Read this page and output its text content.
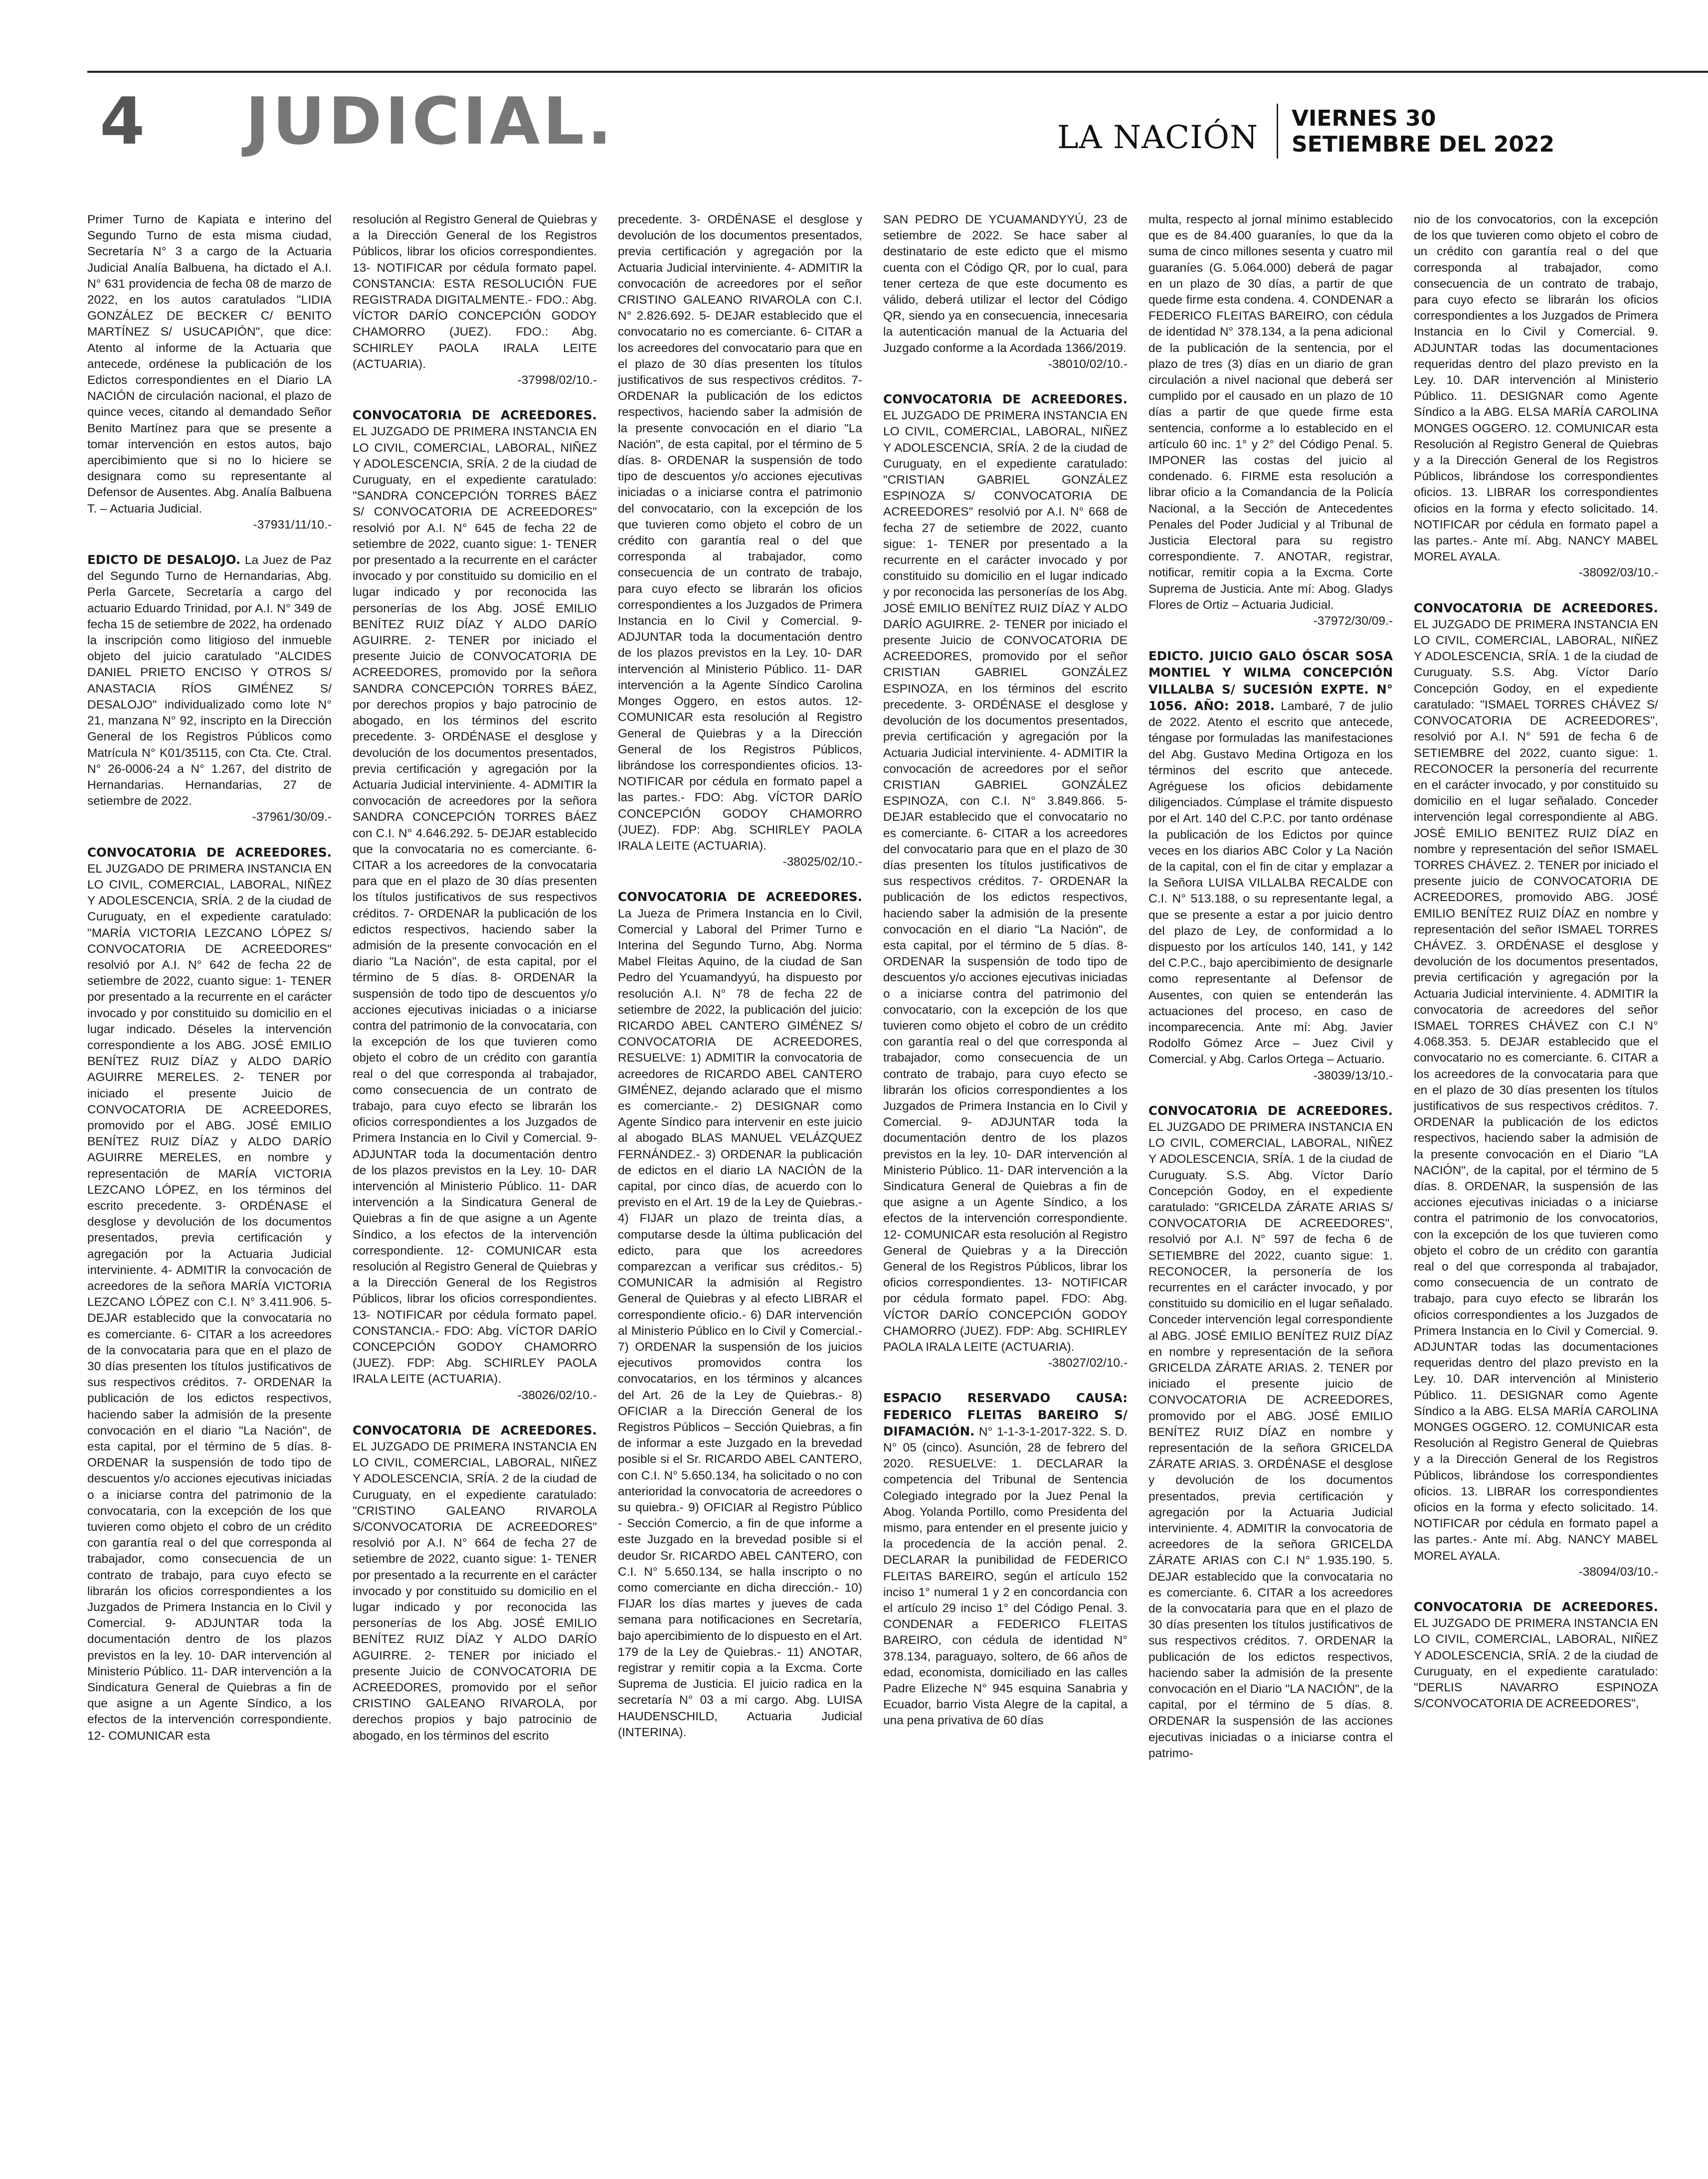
4 JUDICIAL.	LA NACIÓN
VIERNES 30
SETIEMBRE DEL 2022

Primer Turno de Kapiata e interino del Segundo Turno de esta misma ciudad, Secretaría N° 3 a cargo de la Actuaria Judicial Analía Balbuena, ha dictado el A.I. N° 631 providencia de fecha 08 de marzo de 2022, en los autos caratulados "LIDIA GONZÁLEZ DE BECKER C/ BENITO MARTÍNEZ S/ USUCAPIÓN", que dice: Atento al informe de la Actuaria que antecede, ordénese la publicación de los Edictos correspondientes en el Diario LA NACIÓN de circulación nacional, el plazo de quince veces, citando al demandado Señor Benito Martínez para que se presente a tomar intervención en estos autos, bajo apercibimiento que si no lo hiciere se designara como su representante al Defensor de Ausentes. Abg. Analía Balbuena T. – Actuaria Judicial.
-37931/11/10.-

EDICTO DE DESALOJO. La Juez de Paz del Segundo Turno de Hernandarias, Abg. Perla Garcete, Secretaría a cargo del actuario Eduardo Trinidad, por A.I. N° 349 de fecha 15 de setiembre de 2022, ha ordenado la inscripción como litigioso del inmueble objeto del juicio caratulado "ALCIDES DANIEL PRIETO ENCISO Y OTROS S/ ANASTACIA RÍOS GIMÉNEZ S/ DESALOJO" individualizado como lote N° 21, manzana N° 92, inscripto en la Dirección General de los Registros Públicos como Matrícula N° K01/35115, con Cta. Cte. Ctral. N° 26-0006-24 a N° 1.267, del distrito de Hernandarias. Hernandarias, 27 de setiembre de 2022.
-37961/30/09.-

CONVOCATORIA DE ACREEDORES. EL JUZGADO DE PRIMERA INSTANCIA EN LO CIVIL, COMERCIAL, LABORAL, NIÑEZ Y ADOLESCENCIA, SRÍA. 2 de la ciudad de Curuguaty, en el expediente caratulado: "MARÍA VICTORIA LEZCANO LÓPEZ S/ CONVOCATORIA DE ACREEDORES" resolvió por A.I. N° 642 de fecha 22 de setiembre de 2022, cuanto sigue: 1- TENER por presentado a la recurrente en el carácter invocado y por constituido su domicilio en el lugar indicado. Déseles la intervención correspondiente a los ABG. JOSÉ EMILIO BENÍTEZ RUIZ DÍAZ y ALDO DARÍO AGUIRRE MERELES. 2- TENER por iniciado el presente Juicio de CONVOCATORIA DE ACREEDORES, promovido por el ABG. JOSÉ EMILIO BENÍTEZ RUIZ DÍAZ y ALDO DARÍO AGUIRRE MERELES, en nombre y representación de MARÍA VICTORIA LEZCANO LÓPEZ, en los términos del escrito precedente. 3- ORDÉNASE el desglose y devolución de los documentos presentados, previa certificación y agregación por la Actuaria Judicial interviniente. 4- ADMITIR la convocación de acreedores de la señora MARÍA VICTORIA LEZCANO LÓPEZ con C.I. N° 3.411.906. 5- DEJAR establecido que la convocataria no es comerciante. 6- CITAR a los acreedores de la convocataria para que en el plazo de 30 días presenten los títulos justificativos de sus respectivos créditos. 7- ORDENAR la publicación de los edictos respectivos, haciendo saber la admisión de la presente convocación en el diario "La Nación", de esta capital, por el término de 5 días. 8- ORDENAR la suspensión de todo tipo de descuentos y/o acciones ejecutivas iniciadas o a iniciarse contra del patrimonio de la convocataria, con la excepción de los que tuvieren como objeto el cobro de un crédito con garantía real o del que corresponda al trabajador, como consecuencia de un contrato de trabajo, para cuyo efecto se librarán los oficios correspondientes a los Juzgados de Primera Instancia en lo Civil y Comercial. 9- ADJUNTAR toda la documentación dentro de los plazos previstos en la ley. 10- DAR intervención al Ministerio Público. 11- DAR intervención a la Sindicatura General de Quiebras a fin de que asigne a un Agente Síndico, a los efectos de la intervención correspondiente. 12- COMUNICAR esta

resolución al Registro General de Quiebras y a la Dirección General de los Registros Públicos, librar los oficios correspondientes. 13- NOTIFICAR por cédula formato papel. CONSTANCIA: ESTA RESOLUCIÓN FUE REGISTRADA DIGITALMENTE.- FDO.: Abg. VÍCTOR DARÍO CONCEPCIÓN GODOY CHAMORRO (JUEZ). FDO.: Abg. SCHIRLEY PAOLA IRALA LEITE (ACTUARIA).
-37998/02/10.-

CONVOCATORIA DE ACREEDORES. EL JUZGADO DE PRIMERA INSTANCIA EN LO CIVIL, COMERCIAL, LABORAL, NIÑEZ Y ADOLESCENCIA, SRÍA. 2 de la ciudad de Curuguaty, en el expediente caratulado: "SANDRA CONCEPCIÓN TORRES BÁEZ S/ CONVOCATORIA DE ACREEDORES" resolvió por A.I. N° 645 de fecha 22 de setiembre de 2022, cuanto sigue: 1- TENER por presentado a la recurrente en el carácter invocado y por constituido su domicilio en el lugar indicado y por reconocida las personerías de los Abg. JOSÉ EMILIO BENÍTEZ RUIZ DÍAZ Y ALDO DARÍO AGUIRRE. 2- TENER por iniciado el presente Juicio de CONVOCATORIA DE ACREEDORES, promovido por la señora SANDRA CONCEPCIÓN TORRES BÁEZ, por derechos propios y bajo patrocinio de abogado, en los términos del escrito precedente. 3- ORDÉNASE el desglose y devolución de los documentos presentados, previa certificación y agregación por la Actuaria Judicial interviniente. 4- ADMITIR la convocación de acreedores por la señora SANDRA CONCEPCIÓN TORRES BÁEZ con C.I. N° 4.646.292. 5- DEJAR establecido que la convocataria no es comerciante. 6- CITAR a los acreedores de la convocataria para que en el plazo de 30 días presenten los títulos justificativos de sus respectivos créditos. 7- ORDENAR la publicación de los edictos respectivos, haciendo saber la admisión de la presente convocación en el diario "La Nación", de esta capital, por el término de 5 días. 8- ORDENAR la suspensión de todo tipo de descuentos y/o acciones ejecutivas iniciadas o a iniciarse contra del patrimonio de la convocataria, con la excepción de los que tuvieren como objeto el cobro de un crédito con garantía real o del que corresponda al trabajador, como consecuencia de un contrato de trabajo, para cuyo efecto se librarán los oficios correspondientes a los Juzgados de Primera Instancia en lo Civil y Comercial. 9- ADJUNTAR toda la documentación dentro de los plazos previstos en la Ley. 10- DAR intervención al Ministerio Público. 11- DAR intervención a la Sindicatura General de Quiebras a fin de que asigne a un Agente Síndico, a los efectos de la intervención correspondiente. 12- COMUNICAR esta resolución al Registro General de Quiebras y a la Dirección General de los Registros Públicos, librar los oficios correspondientes. 13- NOTIFICAR por cédula formato papel. CONSTANCIA.- FDO: Abg. VÍCTOR DARÍO CONCEPCIÓN GODOY CHAMORRO (JUEZ). FDP: Abg. SCHIRLEY PAOLA IRALA LEITE (ACTUARIA).
-38026/02/10.-

CONVOCATORIA DE ACREEDORES. EL JUZGADO DE PRIMERA INSTANCIA EN LO CIVIL, COMERCIAL, LABORAL, NIÑEZ Y ADOLESCENCIA, SRÍA. 2 de la ciudad de Curuguaty, en el expediente caratulado: "CRISTINO GALEANO RIVAROLA S/CONVOCATORIA DE ACREEDORES" resolvió por A.I. N° 664 de fecha 27 de setiembre de 2022, cuanto sigue: 1- TENER por presentado a la recurrente en el carácter invocado y por constituido su domicilio en el lugar indicado y por reconocida las personerías de los Abg. JOSÉ EMILIO BENÍTEZ RUIZ DÍAZ Y ALDO DARÍO AGUIRRE. 2- TENER por iniciado el presente Juicio de CONVOCATORIA DE ACREEDORES, promovido por el señor CRISTINO GALEANO RIVAROLA, por derechos propios y bajo patrocinio de abogado, en los términos del escrito

precedente. 3- ORDÉNASE el desglose y devolución de los documentos presentados, previa certificación y agregación por la Actuaria Judicial interviniente. 4- ADMITIR la convocación de acreedores por el señor CRISTINO GALEANO RIVAROLA con C.I. N° 2.826.692. 5- DEJAR establecido que el convocatario no es comerciante. 6- CITAR a los acreedores del convocatario para que en el plazo de 30 días presenten los títulos justificativos de sus respectivos créditos. 7- ORDENAR la publicación de los edictos respectivos, haciendo saber la admisión de la presente convocación en el diario "La Nación", de esta capital, por el término de 5 días. 8- ORDENAR la suspensión de todo tipo de descuentos y/o acciones ejecutivas iniciadas o a iniciarse contra el patrimonio del convocatario, con la excepción de los que tuvieren como objeto el cobro de un crédito con garantía real o del que corresponda al trabajador, como consecuencia de un contrato de trabajo, para cuyo efecto se librarán los oficios correspondientes a los Juzgados de Primera Instancia en lo Civil y Comercial. 9- ADJUNTAR toda la documentación dentro de los plazos previstos en la Ley. 10- DAR intervención al Ministerio Público. 11- DAR intervención a la Agente Síndico Carolina Monges Oggero, en estos autos. 12- COMUNICAR esta resolución al Registro General de Quiebras y a la Dirección General de los Registros Públicos, librándose los correspondientes oficios. 13- NOTIFICAR por cédula en formato papel a las partes.- FDO: Abg. VÍCTOR DARÍO CONCEPCIÓN GODOY CHAMORRO (JUEZ). FDP: Abg. SCHIRLEY PAOLA IRALA LEITE (ACTUARIA).
-38025/02/10.-

CONVOCATORIA DE ACREEDORES. La Jueza de Primera Instancia en lo Civil, Comercial y Laboral del Primer Turno e Interina del Segundo Turno, Abg. Norma Mabel Fleitas Aquino, de la ciudad de San Pedro del Ycuamandyyú, ha dispuesto por resolución A.I. N° 78 de fecha 22 de setiembre de 2022, la publicación del juicio: RICARDO ABEL CANTERO GIMÉNEZ S/ CONVOCATORIA DE ACREEDORES, RESUELVE: 1) ADMITIR la convocatoria de acreedores de RICARDO ABEL CANTERO GIMÉNEZ, dejando aclarado que el mismo es comerciante.- 2) DESIGNAR como Agente Síndico para intervenir en este juicio al abogado BLAS MANUEL VELÁZQUEZ FERNÁNDEZ.- 3) ORDENAR la publicación de edictos en el diario LA NACIÓN de la capital, por cinco días, de acuerdo con lo previsto en el Art. 19 de la Ley de Quiebras.- 4) FIJAR un plazo de treinta días, a computarse desde la última publicación del edicto, para que los acreedores comparezcan a verificar sus créditos.- 5) COMUNICAR la admisión al Registro General de Quiebras y al efecto LIBRAR el correspondiente oficio.- 6) DAR intervención al Ministerio Público en lo Civil y Comercial.- 7) ORDENAR la suspensión de los juicios ejecutivos promovidos contra los convocatarios, en los términos y alcances del Art. 26 de la Ley de Quiebras.- 8) OFICIAR a la Dirección General de los Registros Públicos – Sección Quiebras, a fin de informar a este Juzgado en la brevedad posible si el Sr. RICARDO ABEL CANTERO, con C.I. N° 5.650.134, ha solicitado o no con anterioridad la convocatoria de acreedores o su quiebra.- 9) OFICIAR al Registro Público - Sección Comercio, a fin de que informe a este Juzgado en la brevedad posible si el deudor Sr. RICARDO ABEL CANTERO, con C.I. N° 5.650.134, se halla inscripto o no como comerciante en dicha dirección.- 10) FIJAR los días martes y jueves de cada semana para notificaciones en Secretaría, bajo apercibimiento de lo dispuesto en el Art. 179 de la Ley de Quiebras.- 11) ANOTAR, registrar y remitir copia a la Excma. Corte Suprema de Justicia. El juicio radica en la secretaría N° 03 a mi cargo. Abg. LUISA HAUDENSCHILD, Actuaria Judicial (INTERINA).

SAN PEDRO DE YCUAMANDYYÚ, 23 de setiembre de 2022. Se hace saber al destinatario de este edicto que el mismo cuenta con el Código QR, por lo cual, para tener certeza de que este documento es válido, deberá utilizar el lector del Código QR, siendo ya en consecuencia, innecesaria la autenticación manual de la Actuaria del Juzgado conforme a la Acordada 1366/2019.
-38010/02/10.-

CONVOCATORIA DE ACREEDORES. EL JUZGADO DE PRIMERA INSTANCIA EN LO CIVIL, COMERCIAL, LABORAL, NIÑEZ Y ADOLESCENCIA, SRÍA. 2 de la ciudad de Curuguaty, en el expediente caratulado: "CRISTIAN GABRIEL GONZÁLEZ ESPINOZA S/ CONVOCATORIA DE ACREEDORES" resolvió por A.I. N° 668 de fecha 27 de setiembre de 2022, cuanto sigue: 1- TENER por presentado a la recurrente en el carácter invocado y por constituido su domicilio en el lugar indicado y por reconocida las personerías de los Abg. JOSÉ EMILIO BENÍTEZ RUIZ DÍAZ Y ALDO DARÍO AGUIRRE. 2- TENER por iniciado el presente Juicio de CONVOCATORIA DE ACREEDORES, promovido por el señor CRISTIAN GABRIEL GONZÁLEZ ESPINOZA, en los términos del escrito precedente. 3- ORDÉNASE el desglose y devolución de los documentos presentados, previa certificación y agregación por la Actuaria Judicial interviniente. 4- ADMITIR la convocación de acreedores por el señor CRISTIAN GABRIEL GONZÁLEZ ESPINOZA, con C.I. N° 3.849.866. 5- DEJAR establecido que el convocatario no es comerciante. 6- CITAR a los acreedores del convocatario para que en el plazo de 30 días presenten los títulos justificativos de sus respectivos créditos. 7- ORDENAR la publicación de los edictos respectivos, haciendo saber la admisión de la presente convocación en el diario "La Nación", de esta capital, por el término de 5 días. 8- ORDENAR la suspensión de todo tipo de descuentos y/o acciones ejecutivas iniciadas o a iniciarse contra del patrimonio del convocatario, con la excepción de los que tuvieren como objeto el cobro de un crédito con garantía real o del que corresponda al trabajador, como consecuencia de un contrato de trabajo, para cuyo efecto se librarán los oficios correspondientes a los Juzgados de Primera Instancia en lo Civil y Comercial. 9- ADJUNTAR toda la documentación dentro de los plazos previstos en la ley. 10- DAR intervención al Ministerio Público. 11- DAR intervención a la Sindicatura General de Quiebras a fin de que asigne a un Agente Síndico, a los efectos de la intervención correspondiente. 12- COMUNICAR esta resolución al Registro General de Quiebras y a la Dirección General de los Registros Públicos, librar los oficios correspondientes. 13- NOTIFICAR por cédula formato papel. FDO: Abg. VÍCTOR DARÍO CONCEPCIÓN GODOY CHAMORRO (JUEZ). FDP: Abg. SCHIRLEY PAOLA IRALA LEITE (ACTUARIA).
-38027/02/10.-

ESPACIO RESERVADO CAUSA: FEDERICO FLEITAS BAREIRO S/ DIFAMACIÓN. N° 1-1-3-1-2017-322. S. D. N° 05 (cinco). Asunción, 28 de febrero del 2020. RESUELVE: 1. DECLARAR la competencia del Tribunal de Sentencia Colegiado integrado por la Juez Penal la Abog. Yolanda Portillo, como Presidenta del mismo, para entender en el presente juicio y la procedencia de la acción penal. 2. DECLARAR la punibilidad de FEDERICO FLEITAS BAREIRO, según el artículo 152 inciso 1° numeral 1 y 2 en concordancia con el artículo 29 inciso 1° del Código Penal. 3. CONDENAR a FEDERICO FLEITAS BAREIRO, con cédula de identidad N° 378.134, paraguayo, soltero, de 66 años de edad, economista, domiciliado en las calles Padre Elizeche N° 945 esquina Sanabria y Ecuador, barrio Vista Alegre de la capital, a una pena privativa de 60 días

multa, respecto al jornal mínimo establecido que es de 84.400 guaraníes, lo que da la suma de cinco millones sesenta y cuatro mil guaraníes (G. 5.064.000) deberá de pagar en un plazo de 30 días, a partir de que quede firme esta condena. 4. CONDENAR a FEDERICO FLEITAS BAREIRO, con cédula de identidad N° 378.134, a la pena adicional de la publicación de la sentencia, por el plazo de tres (3) días en un diario de gran circulación a nivel nacional que deberá ser cumplido por el causado en un plazo de 10 días a partir de que quede firme esta sentencia, conforme a lo establecido en el artículo 60 inc. 1° y 2° del Código Penal. 5. IMPONER las costas del juicio al condenado. 6. FIRME esta resolución a librar oficio a la Comandancia de la Policía Nacional, a la Sección de Antecedentes Penales del Poder Judicial y al Tribunal de Justicia Electoral para su registro correspondiente. 7. ANOTAR, registrar, notificar, remitir copia a la Excma. Corte Suprema de Justicia. Ante mí: Abog. Gladys Flores de Ortiz – Actuaria Judicial.
-37972/30/09.-

EDICTO. JUICIO GALO ÓSCAR SOSA MONTIEL Y WILMA CONCEPCIÓN VILLALBA S/ SUCESIÓN EXPTE. N° 1056. AÑO: 2018. Lambaré, 7 de julio de 2022. Atento el escrito que antecede, téngase por formuladas las manifestaciones del Abg. Gustavo Medina Ortigoza en los términos del escrito que antecede. Agréguese los oficios debidamente diligenciados. Cúmplase el trámite dispuesto por el Art. 140 del C.P.C. por tanto ordénase la publicación de los Edictos por quince veces en los diarios ABC Color y La Nación de la capital, con el fin de citar y emplazar a la Señora LUISA VILLALBA RECALDE con C.I. N° 513.188, o su representante legal, a que se presente a estar a por juicio dentro del plazo de Ley, de conformidad a lo dispuesto por los artículos 140, 141, y 142 del C.P.C., bajo apercibimiento de designarle como representante al Defensor de Ausentes, con quien se entenderán las actuaciones del proceso, en caso de incomparecencia. Ante mí: Abg. Javier Rodolfo Gómez Arce – Juez Civil y Comercial. y Abg. Carlos Ortega – Actuario.
-38039/13/10.-

CONVOCATORIA DE ACREEDORES. EL JUZGADO DE PRIMERA INSTANCIA EN LO CIVIL, COMERCIAL, LABORAL, NIÑEZ Y ADOLESCENCIA, SRÍA. 1 de la ciudad de Curuguaty. S.S. Abg. Víctor Darío Concepción Godoy, en el expediente caratulado: "GRICELDA ZÁRATE ARIAS S/ CONVOCATORIA DE ACREEDORES", resolvió por A.I. N° 597 de fecha 6 de SETIEMBRE del 2022, cuanto sigue: 1. RECONOCER, la personería de los recurrentes en el carácter invocado, y por constituido su domicilio en el lugar señalado. Conceder intervención legal correspondiente al ABG. JOSÉ EMILIO BENÍTEZ RUIZ DÍAZ en nombre y representación de la señora GRICELDA ZÁRATE ARIAS. 2. TENER por iniciado el presente juicio de CONVOCATORIA DE ACREEDORES, promovido por el ABG. JOSÉ EMILIO BENÍTEZ RUIZ DÍAZ en nombre y representación de la señora GRICELDA ZÁRATE ARIAS. 3. ORDÉNASE el desglose y devolución de los documentos presentados, previa certificación y agregación por la Actuaria Judicial interviniente. 4. ADMITIR la convocatoria de acreedores de la señora GRICELDA ZÁRATE ARIAS con C.I N° 1.935.190. 5. DEJAR establecido que la convocataria no es comerciante. 6. CITAR a los acreedores de la convocataria para que en el plazo de 30 días presenten los títulos justificativos de sus respectivos créditos. 7. ORDENAR la publicación de los edictos respectivos, haciendo saber la admisión de la presente convocación en el Diario "LA NACIÓN", de la capital, por el término de 5 días. 8. ORDENAR la suspensión de las acciones ejecutivas iniciadas o a iniciarse contra el patrimo-

nio de los convocatorios, con la excepción de los que tuvieren como objeto el cobro de un crédito con garantía real o del que corresponda al trabajador, como consecuencia de un contrato de trabajo, para cuyo efecto se librarán los oficios correspondientes a los Juzgados de Primera Instancia en lo Civil y Comercial. 9. ADJUNTAR todas las documentaciones requeridas dentro del plazo previsto en la Ley. 10. DAR intervención al Ministerio Público. 11. DESIGNAR como Agente Síndico a la ABG. ELSA MARÍA CAROLINA MONGES OGGERO. 12. COMUNICAR esta Resolución al Registro General de Quiebras y a la Dirección General de los Registros Públicos, librándose los correspondientes oficios. 13. LIBRAR los correspondientes oficios en la forma y efecto solicitado. 14. NOTIFICAR por cédula en formato papel a las partes.- Ante mí. Abg. NANCY MABEL MOREL AYALA.
-38092/03/10.-

CONVOCATORIA DE ACREEDORES. EL JUZGADO DE PRIMERA INSTANCIA EN LO CIVIL, COMERCIAL, LABORAL, NIÑEZ Y ADOLESCENCIA, SRÍA. 1 de la ciudad de Curuguaty. S.S. Abg. Víctor Darío Concepción Godoy, en el expediente caratulado: "ISMAEL TORRES CHÁVEZ S/ CONVOCATORIA DE ACREEDORES", resolvió por A.I. N° 591 de fecha 6 de SETIEMBRE del 2022, cuanto sigue: 1. RECONOCER la personería del recurrente en el carácter invocado, y por constituido su domicilio en el lugar señalado. Conceder intervención legal correspondiente al ABG. JOSÉ EMILIO BENITEZ RUIZ DÍAZ en nombre y representación del señor ISMAEL TORRES CHÁVEZ. 2. TENER por iniciado el presente juicio de CONVOCATORIA DE ACREEDORES, promovido ABG. JOSÉ EMILIO BENÍTEZ RUIZ DÍAZ en nombre y representación del señor ISMAEL TORRES CHÁVEZ. 3. ORDÉNASE el desglose y devolución de los documentos presentados, previa certificación y agregación por la Actuaria Judicial interviniente. 4. ADMITIR la convocatoria de acreedores del señor ISMAEL TORRES CHÁVEZ con C.I N° 4.068.353. 5. DEJAR establecido que el convocatario no es comerciante. 6. CITAR a los acreedores de la convocataria para que en el plazo de 30 días presenten los títulos justificativos de sus respectivos créditos. 7. ORDENAR la publicación de los edictos respectivos, haciendo saber la admisión de la presente convocación en el Diario "LA NACIÓN", de la capital, por el término de 5 días. 8. ORDENAR, la suspensión de las acciones ejecutivas iniciadas o a iniciarse contra el patrimonio de los convocatorios, con la excepción de los que tuvieren como objeto el cobro de un crédito con garantía real o del que corresponda al trabajador, como consecuencia de un contrato de trabajo, para cuyo efecto se librarán los oficios correspondientes a los Juzgados de Primera Instancia en lo Civil y Comercial. 9. ADJUNTAR todas las documentaciones requeridas dentro del plazo previsto en la Ley. 10. DAR intervención al Ministerio Público. 11. DESIGNAR como Agente Síndico a la ABG. ELSA MARÍA CAROLINA MONGES OGGERO. 12. COMUNICAR esta Resolución al Registro General de Quiebras y a la Dirección General de los Registros Públicos, librándose los correspondientes oficios. 13. LIBRAR los correspondientes oficios en la forma y efecto solicitado. 14. NOTIFICAR por cédula en formato papel a las partes.- Ante mí. Abg. NANCY MABEL MOREL AYALA.
-38094/03/10.-

CONVOCATORIA DE ACREEDORES. EL JUZGADO DE PRIMERA INSTANCIA EN LO CIVIL, COMERCIAL, LABORAL, NIÑEZ Y ADOLESCENCIA, SRÍA. 2 de la ciudad de Curuguaty, en el expediente caratulado: "DERLIS NAVARRO ESPINOZA S/CONVOCATORIA DE ACREEDORES",
